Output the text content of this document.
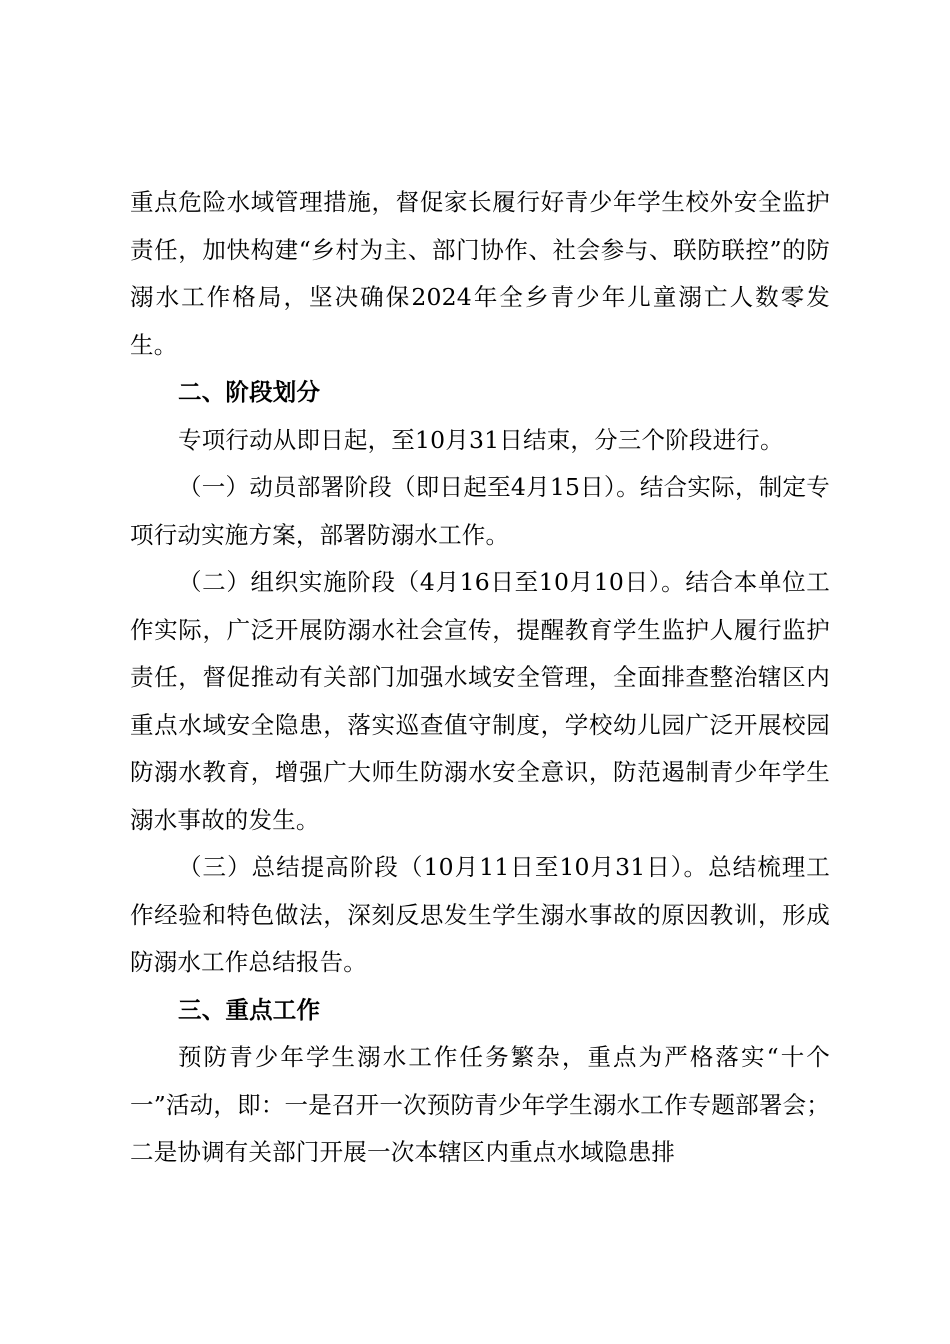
重点危险水域管理措施，督促家长履行好青少年学生校外安全监护责任，加快构建“乡村为主、部门协作、社会参与、联防联控”的防溺水工作格局，坚决确保2024年全乡青少年儿童溺亡人数零发生。

二、阶段划分

专项行动从即日起，至10月31日结束，分三个阶段进行。

（一）动员部署阶段（即日起至4月15日）。结合实际，制定专项行动实施方案，部署防溺水工作。

（二）组织实施阶段（4月16日至10月10日）。结合本单位工作实际，广泛开展防溺水社会宣传，提醒教育学生监护人履行监护责任，督促推动有关部门加强水域安全管理，全面排查整治辖区内重点水域安全隐患，落实巡查值守制度，学校幼儿园广泛开展校园防溺水教育，增强广大师生防溺水安全意识，防范遏制青少年学生溺水事故的发生。

（三）总结提高阶段（10月11日至10月31日）。总结梳理工作经验和特色做法，深刻反思发生学生溺水事故的原因教训，形成防溺水工作总结报告。

三、重点工作

预防青少年学生溺水工作任务繁杂，重点为严格落实“十个一”活动，即：一是召开一次预防青少年学生溺水工作专题部署会；二是协调有关部门开展一次本辖区内重点水域隐患排
